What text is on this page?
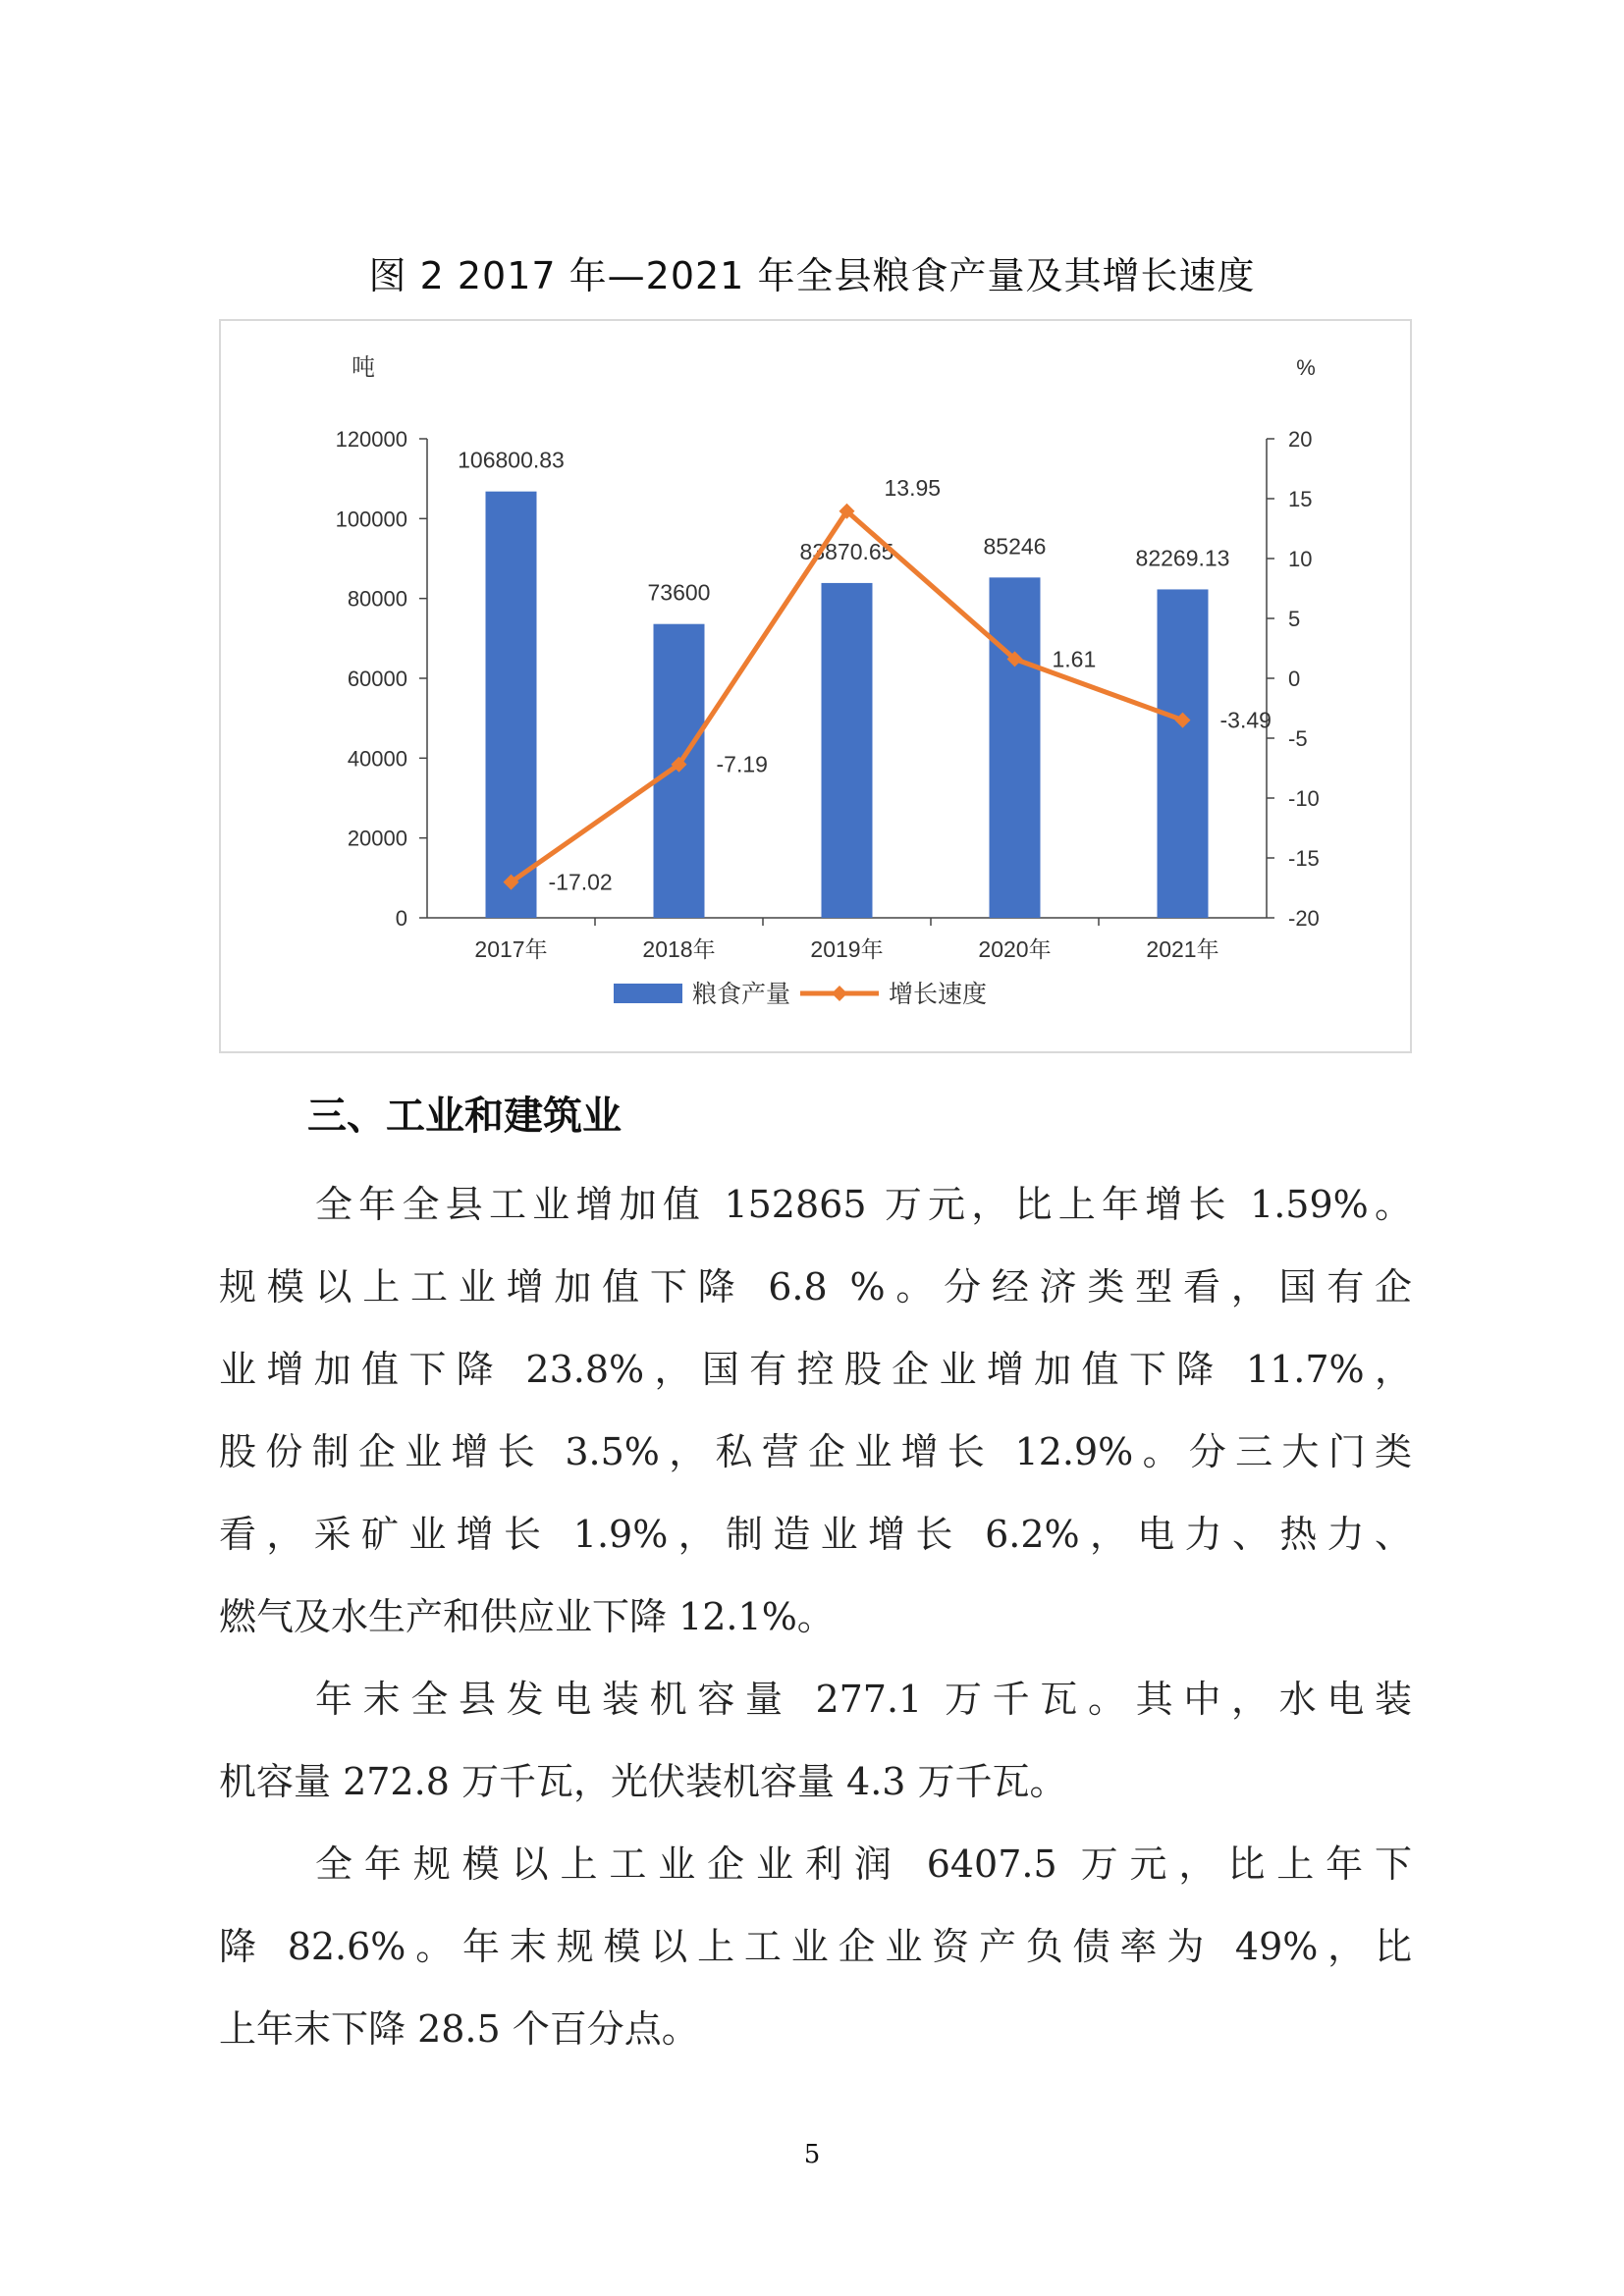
图 2 2017 年—2021 年全县粮食产量及其增长速度
吨	%
120000
100000
80000
60000
40000
20000
0
20
15
10
5
0
-5
-10
-15
-20
2017年	2018年	2019年	2020年	2021年
106800.83
73600
83870.65	85246	82269.13
-17.02
-7.19
13.95
1.61
-3.49
粮食产量	增长速度
三、工业和建筑业
全年全县工业增加值 152865 万元，比上年增长 1.59%。
规模以上工业增加值下降 6.8 %。分经济类型看，国有企
业增加值下降 23.8%，国有控股企业增加值下降 11.7%，
股份制企业增长 3.5%，私营企业增长 12.9%。分三大门类
看，采矿业增长 1.9%，制造业增长 6.2%，电力、热力、
燃气及水生产和供应业下降 12.1%。
年末全县发电装机容量 277.1 万千瓦。其中，水电装
机容量 272.8 万千瓦，光伏装机容量 4.3 万千瓦。
全年规模以上工业企业利润 6407.5 万元，比上年下
降 82.6%。年末规模以上工业企业资产负债率为 49%，比
上年末下降 28.5 个百分点。
5
